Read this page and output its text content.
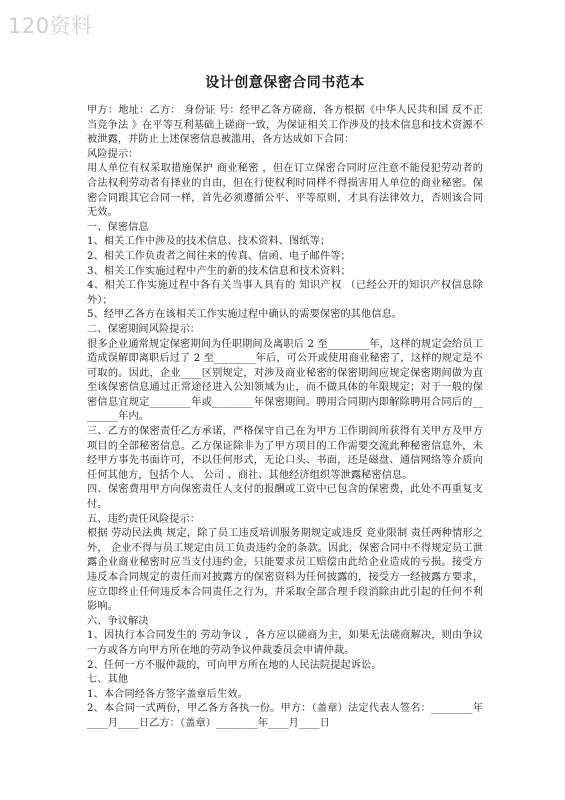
120资料
设计创意保密合同书范本

甲方：地址：乙方： 身份证 号：经甲乙各方磋商，各方根据《中华人民共和国 反不正当竞争法 》在平等互利基础上磋商一致，为保证相关工作涉及的技术信息和技术资源不被泄露，并防止上述保密信息被滥用，各方达成如下合同：

风险提示：

用人单位有权采取措施保护 商业秘密 ，但在订立保密合同时应注意不能侵犯劳动者的合法权利劳动者有择业的自由，但在行使权利时同样不得损害用人单位的商业秘密。保密合同跟其它合同一样，首先必须遵循公平、平等原则，才具有法律效力，否则该合同无效。

一、保密信息

1、相关工作中涉及的技术信息、技术资料、图纸等；

2、相关工作负责者之间往来的传真、信函、电子邮件等；

3、相关工作实施过程中产生的新的技术信息和技术资料；

4、相关工作实施过程中各有关当事人具有的 知识产权 （已经公开的知识产权信息除外）；

5、经甲乙各方在该相关工作实施过程中确认的需要保密的其他信息。

二、保密期间风险提示：

很多企业通常规定保密期间为任职期间及离职后 2 至________年，这样的规定会给员工造成误解即离职后过了 2 至________年后，可公开或使用商业秘密了，这样的规定是不可取的。因此，企业____区别规定，对涉及商业秘密的保密期间应规定保密期间做为直至该保密信息通过正常途径进入公知领域为止，而不做具体的年限规定；对于一般的保密信息宜规定________年或________年保密期间。聘用合同期内即解除聘用合同后的________年内。

三、乙方的保密责任乙方承诺，严格保守自己在为甲方工作期间所获得有关甲方及甲方项目的全部秘密信息。乙方保证除非为了甲方项目的工作需要交流此种秘密信息外，未经甲方事先书面许可，不以任何形式，无论口头、书面，还是磁盘、通信网络等介质向任何其他方，包括个人、 公司 、商社、其他经济组织等泄露秘密信息。

四、保密费用甲方向保密责任人支付的报酬或工资中已包含的保密费，此处不再重复支付。

五、违约责任风险提示：

根据 劳动民法典 规定，除了员工违反培训服务期规定或违反 竞业限制 责任两种情形之外， 企业不得与员工规定由员工负责违约金的条款。因此，保密合同中不得规定员工泄露企业商业秘密时应当支付违约金，只能要求员工赔偿由此给企业造成的亏损。接受方违反本合同规定的责任而对披露方的保密资料为任何披露的，接受方一经披露方要求，应立即终止任何违反本合同责任之行为，并采取全部合理手段消除由此引起的任何不利影响。

六、争议解决

1、因执行本合同发生的 劳动争议 ，各方应以磋商为主，如果无法磋商解决，则由争议一方或各方向甲方所在地的劳动争议仲裁委员会申请仲裁。

2、任何一方不服仲裁的，可向甲方所在地的人民法院提起诉讼。

七、其他

1、本合同经各方签字盖章后生效。

2、本合同一式两份，甲乙各方各执一份。甲方：（盖章）法定代表人签名：________年____月____日乙方：（盖章）________年____月____日
